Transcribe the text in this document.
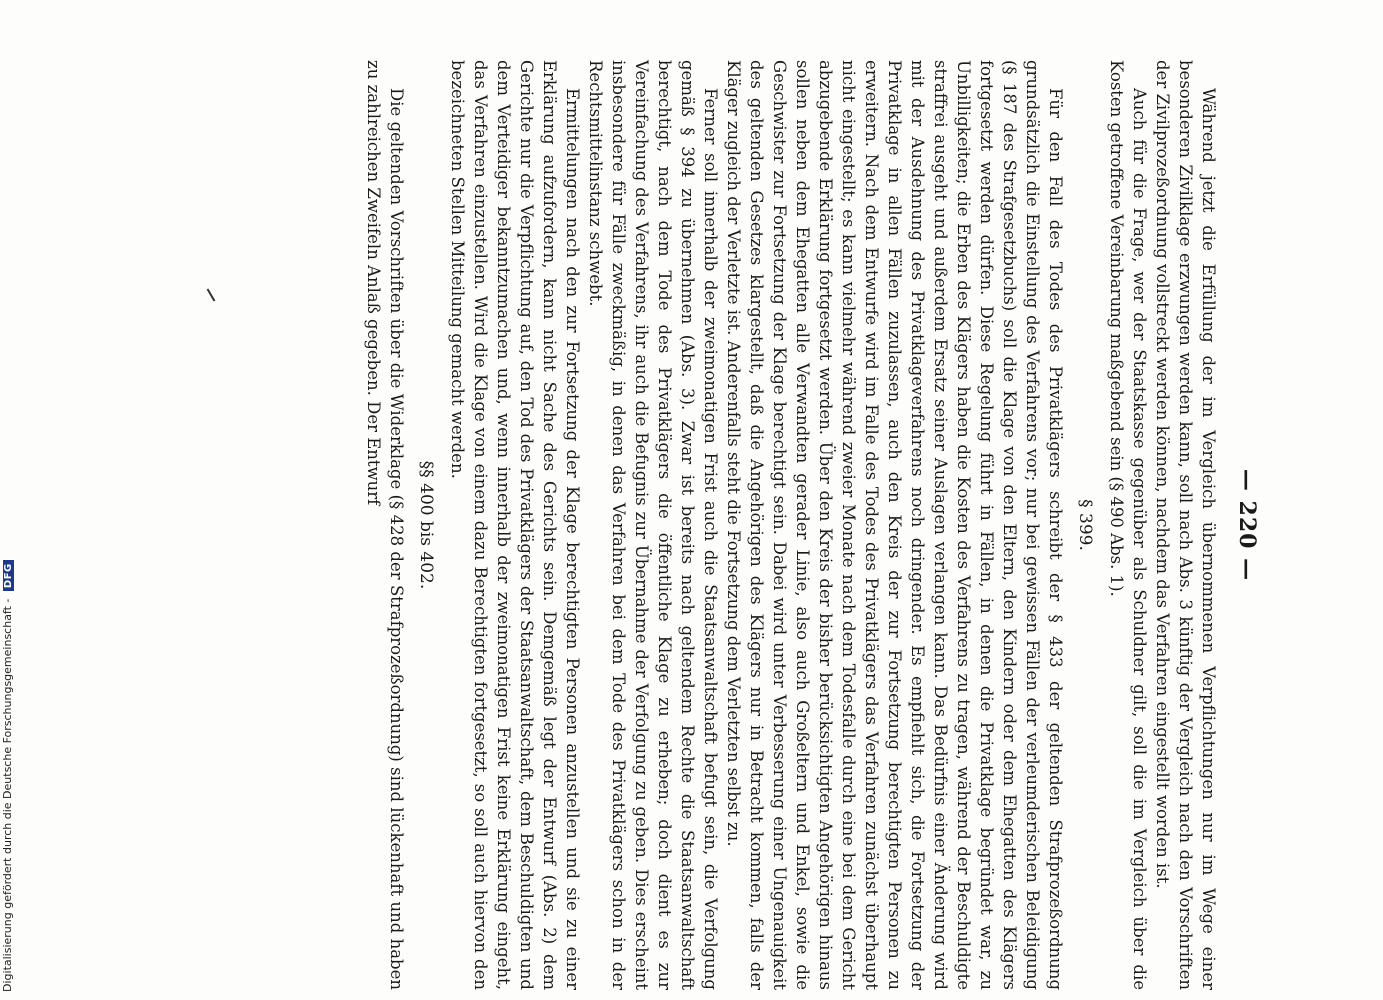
Digitalisierung gefördert durch die Deutsche Forschungsgemeinschaft - DFG	— 220 —

Während jetzt die Erfüllung der im Vergleich übernommenen Verpflichtungen nur im Wege einer besonderen Zivilklage erzwungen werden kann, soll nach Abs. 3 künftig der Vergleich nach den Vorschriften der Zivilprozeßordnung vollstreckt werden können, nachdem das Verfahren eingestellt worden ist.

Auch für die Frage, wer der Staatskasse gegenüber als Schuldner gilt, soll die im Vergleich über die Kosten getroffene Vereinbarung maßgebend sein (§ 490 Abs. 1).

§ 399.

Für den Fall des Todes des Privatklägers schreibt der § 433 der geltenden Strafprozeßordnung grundsätzlich die Einstellung des Verfahrens vor; nur bei gewissen Fällen der verleumderischen Beleidigung (§ 187 des Strafgesetzbuchs) soll die Klage von den Eltern, den Kindern oder dem Ehegatten des Klägers fortgesetzt werden dürfen. Diese Regelung führt in Fällen, in denen die Privatklage begründet war, zu Unbilligkeiten; die Erben des Klägers haben die Kosten des Verfahrens zu tragen, während der Beschuldigte straffrei ausgeht und außerdem Ersatz seiner Auslagen verlangen kann. Das Bedürfnis einer Änderung wird mit der Ausdehnung des Privatklageverfahrens noch dringender. Es empfiehlt sich, die Fortsetzung der Privatklage in allen Fällen zuzulassen, auch den Kreis der zur Fortsetzung berechtigten Personen zu erweitern. Nach dem Entwurfe wird im Falle des Todes des Privatklägers das Verfahren zunächst überhaupt nicht eingestellt; es kann vielmehr während zweier Monate nach dem Todesfalle durch eine bei dem Gericht abzugebende Erklärung fortgesetzt werden. Über den Kreis der bisher berücksichtigten Angehörigen hinaus sollen neben dem Ehegatten alle Verwandten gerader Linie, also auch Großeltern und Enkel, sowie die Geschwister zur Fortsetzung der Klage berechtigt sein. Dabei wird unter Verbesserung einer Ungenauigkeit des geltenden Gesetzes klargestellt, daß die Angehörigen des Klägers nur in Betracht kommen, falls der Kläger zugleich der Verletzte ist. Anderenfalls steht die Fortsetzung dem Verletzten selbst zu.

Ferner soll innerhalb der zweimonatigen Frist auch die Staatsanwaltschaft befugt sein, die Verfolgung gemäß § 394 zu übernehmen (Abs. 3). Zwar ist bereits nach geltendem Rechte die Staatsanwaltschaft berechtigt, nach dem Tode des Privatklägers die öffentliche Klage zu erheben; doch dient es zur Vereinfachung des Verfahrens, ihr auch die Befugnis zur Übernahme der Verfolgung zu geben. Dies erscheint insbesondere für Fälle zweckmäßig, in denen das Verfahren bei dem Tode des Privatklägers schon in der Rechtsmittelinstanz schwebt.

Ermittelungen nach den zur Fortsetzung der Klage berechtigten Personen anzustellen und sie zu einer Erklärung aufzufordern, kann nicht Sache des Gerichts sein. Demgemäß legt der Entwurf (Abs. 2) dem Gerichte nur die Verpflichtung auf, den Tod des Privatklägers der Staatsanwaltschaft, dem Beschuldigten und dem Verteidiger bekanntzumachen und, wenn innerhalb der zweimonatigen Frist keine Erklärung eingeht, das Verfahren einzustellen. Wird die Klage von einem dazu Berechtigten fortgesetzt, so soll auch hiervon den bezeichneten Stellen Mitteilung gemacht werden.

§§ 400 bis 402.

Die geltenden Vorschriften über die Widerklage (§ 428 der Strafprozeßordnung) sind lückenhaft und haben zu zahlreichen Zweifeln Anlaß gegeben. Der Entwurf
